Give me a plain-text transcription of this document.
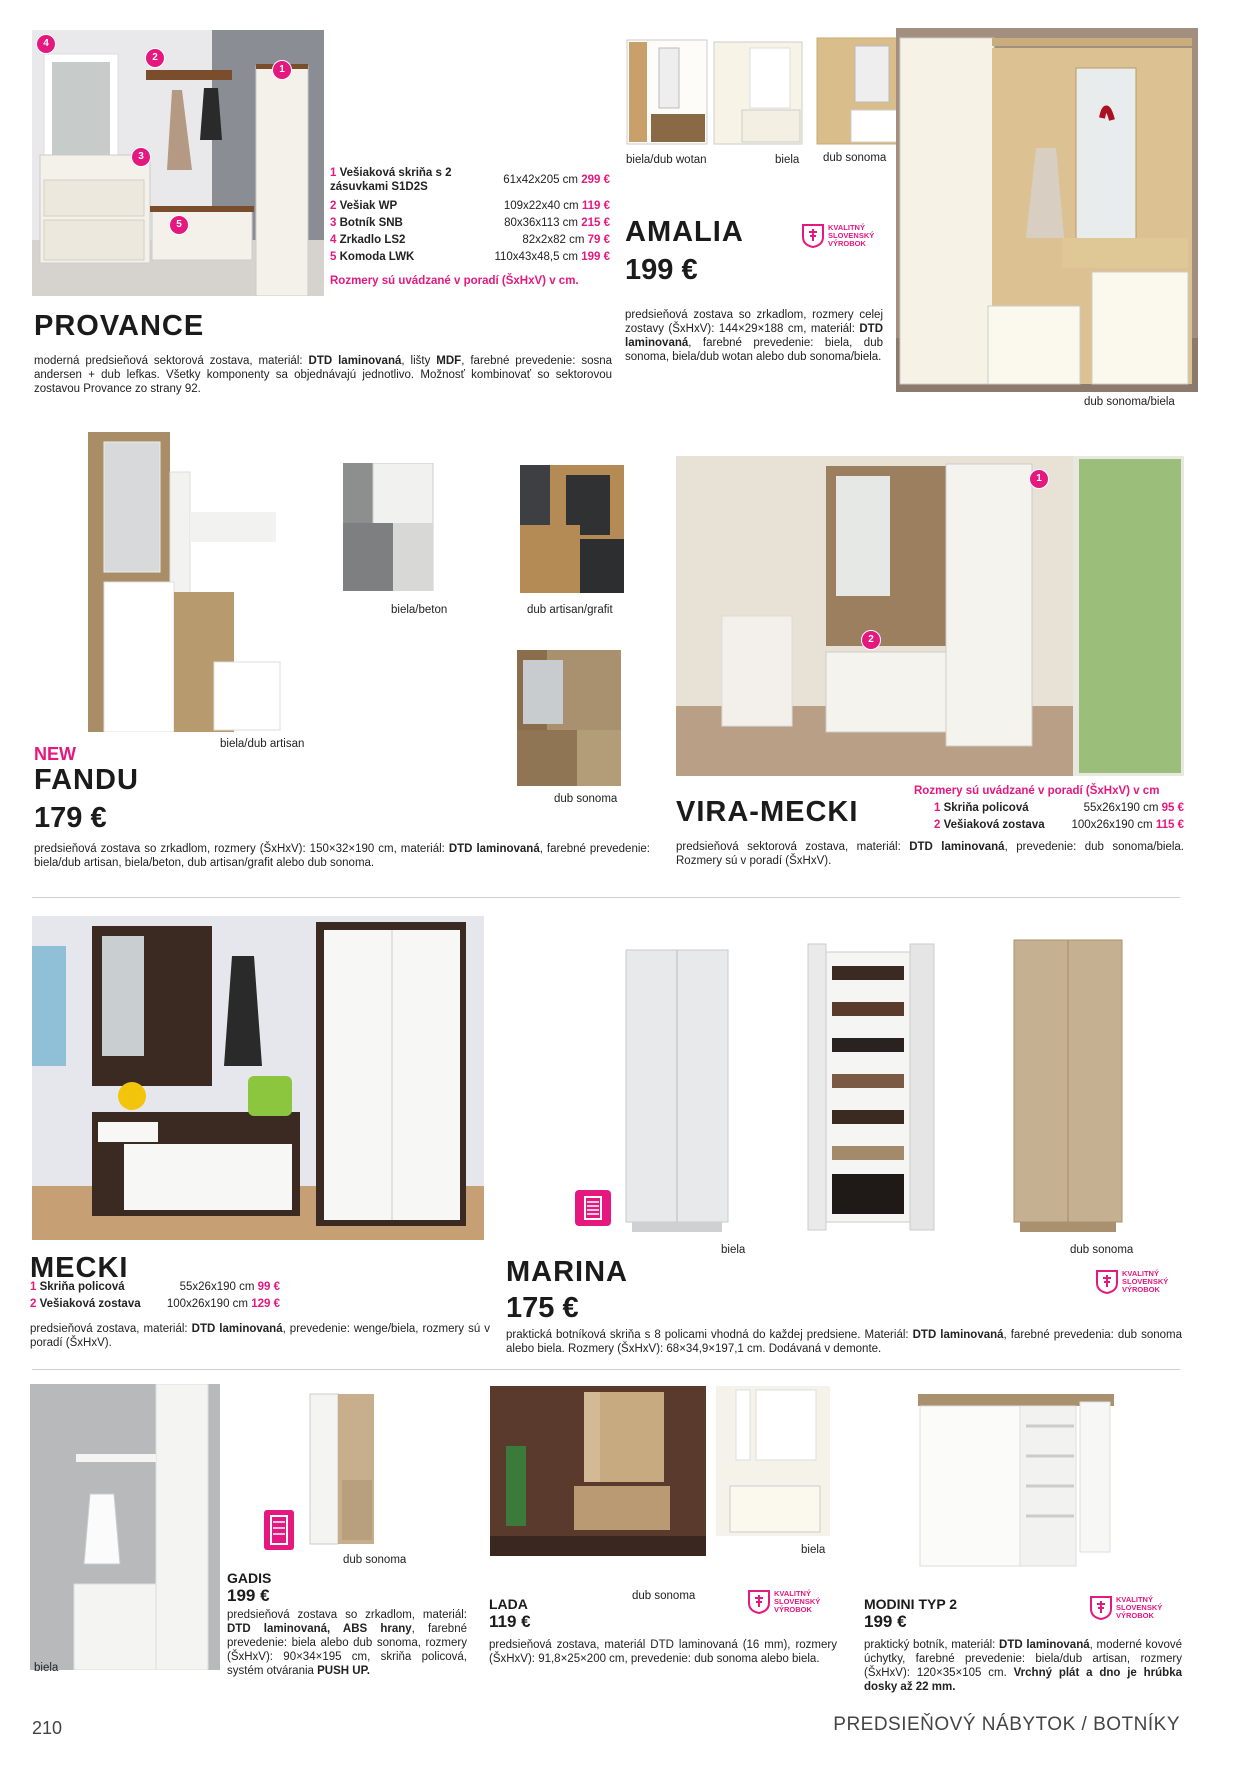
4
2
1
3
5
1 Vešiaková skriňa s 2
zásuvkami S1D2S
61x42x205 cm 299 €
2 Vešiak WP	109x22x40 cm 119 €
3 Botník SNB	80x36x113 cm 215 €
4 Zrkadlo LS2	82x2x82 cm 79 €
5 Komoda LWK	110x43x48,5 cm 199 €
Rozmery sú uvádzané v poradí (ŠxHxV) v cm.
PROVANCE
moderná predsieňová sektorová zostava, materiál: DTD laminovaná, lišty MDF, farebné prevedenie: sosna andersen + dub lefkas. Všetky komponenty sa objednávajú jednotlivo. Možnosť kombinovať so sektorovou zostavou Provance zo strany 92.
biela/dub wotan	biela dub sonoma
dub sonoma/biela
AMALIA
199 €
KVALITNÝ
SLOVENSKÝ
VÝROBOK
predsieňová zostava so zrkadlom, rozmery celej zostavy (ŠxHxV): 144×29×188 cm, materiál: DTD laminovaná, farebné prevedenie: biela, dub sonoma, biela/dub wotan alebo dub sonoma/biela.
biela/beton	dub artisan/grafit
biela/dub artisan
dub sonoma
NEW
FANDU
179 €
predsieňová zostava so zrkadlom, rozmery (ŠxHxV): 150×32×190 cm, materiál: DTD laminovaná, farebné prevedenie: biela/dub artisan, biela/beton, dub artisan/grafit alebo dub sonoma.
1
2
Rozmery sú uvádzané v poradí (ŠxHxV) v cm
1 Skriňa policová	55x26x190 cm 95 €
2 Vešiaková zostava 100x26x190 cm 115 €
VIRA-MECKI
predsieňová sektorová zostava, materiál: DTD laminovaná, prevedenie: dub sonoma/biela. Rozmery sú v poradí (ŠxHxV).
MECKI
1 Skriňa policová	55x26x190 cm 99 €
2 Vešiaková zostava 100x26x190 cm 129 €
predsieňová zostava, materiál: DTD laminovaná, prevedenie: wenge/biela, rozmery sú v poradí (ŠxHxV).
biela	dub sonoma
MARINA
175 €
KVALITNÝ
SLOVENSKÝ
VÝROBOK
praktická botníková skriňa s 8 policami vhodná do každej predsiene. Materiál: DTD laminovaná, farebné prevedenia: dub sonoma alebo biela. Rozmery (ŠxHxV): 68×34,9×197,1 cm. Dodávaná v demonte.
dub sonoma
biela
GADIS
199 €
predsieňová zostava so zrkadlom, materiál: DTD laminovaná, ABS hrany, farebné prevedenie: biela alebo dub sonoma, rozmery (ŠxHxV): 90×34×195 cm, skriňa policová, systém otvárania PUSH UP.
biela
dub sonoma
LADA
119 €
KVALITNÝ
SLOVENSKÝ
VÝROBOK
predsieňová zostava, materiál DTD laminovaná (16 mm), rozmery (ŠxHxV): 91,8×25×200 cm, prevedenie: dub sonoma alebo biela.
MODINI TYP 2
199 €
KVALITNÝ
SLOVENSKÝ
VÝROBOK
praktický botník, materiál: DTD laminovaná, moderné kovové úchytky, farebné prevedenie: biela/dub artisan, rozmery (ŠxHxV): 120×35×105 cm. Vrchný plát a dno je hrúbka dosky až 22 mm.
210	PREDSIEŇOVÝ NÁBYTOK / BOTNÍKY
